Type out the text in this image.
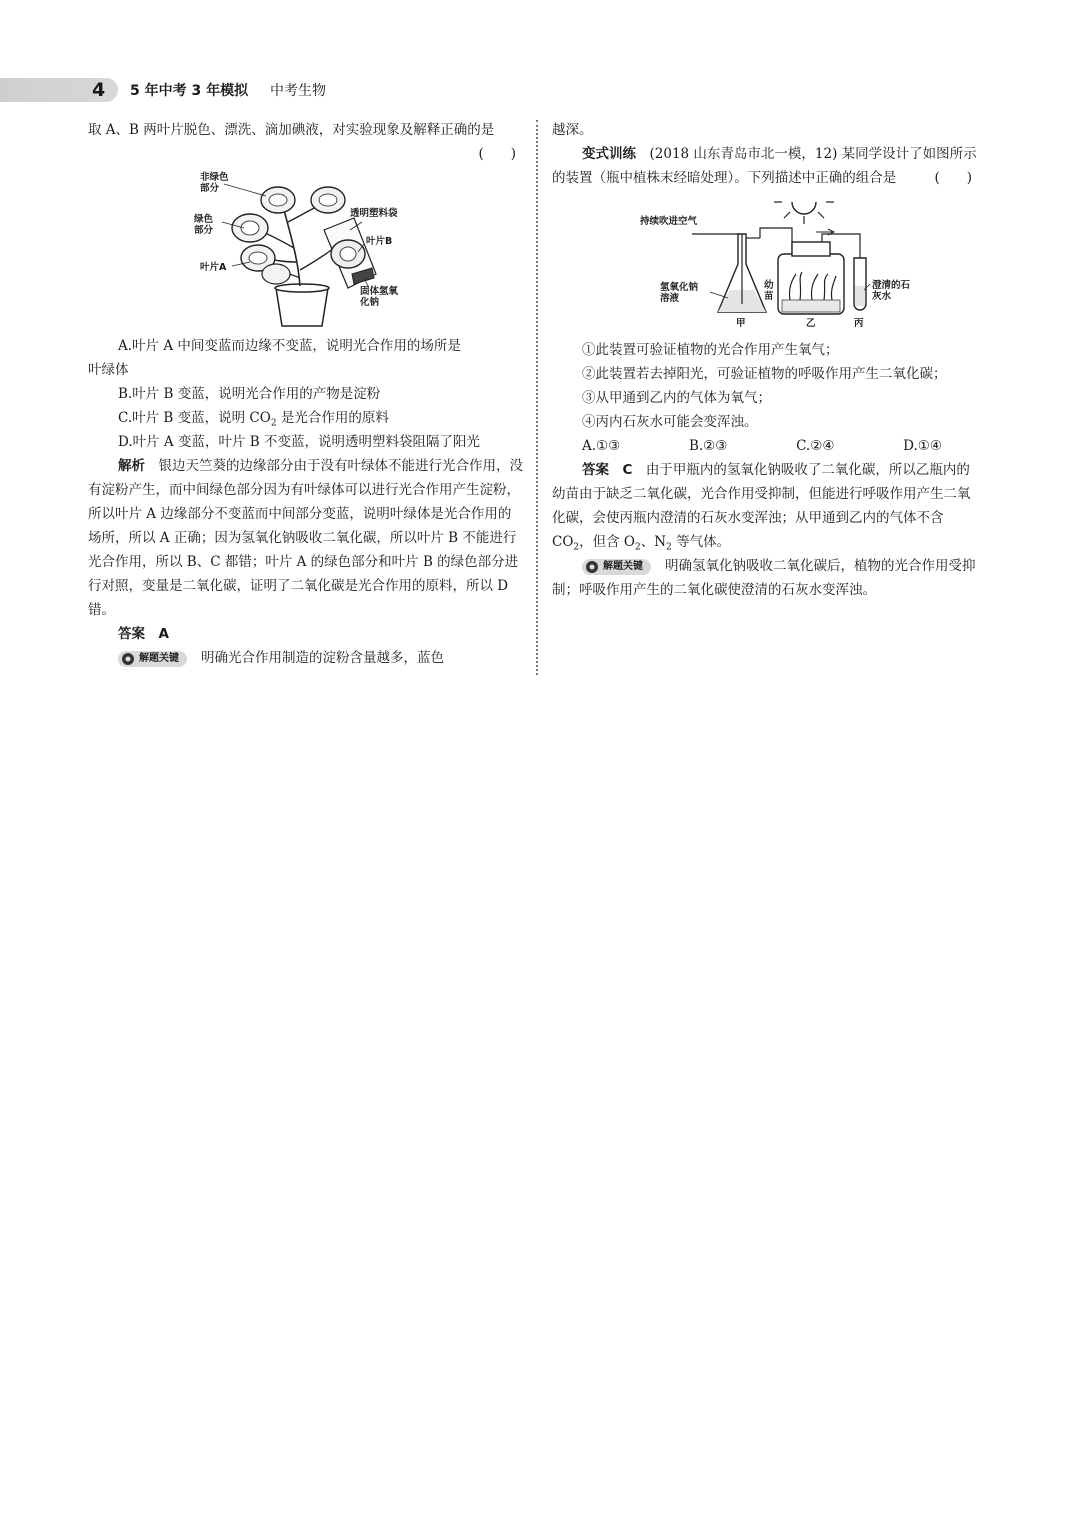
4 5 年中考 3 年模拟 中考生物

取 A、B 两叶片脱色、漂洗、滴加碘液，对实验现象及解释正确的是

(　　)

非绿色部分
绿色部分
叶片A
透明塑料袋
叶片B
固体氢氧化钠

A.叶片 A 中间变蓝而边缘不变蓝，说明光合作用的场所是

叶绿体

B.叶片 B 变蓝，说明光合作用的产物是淀粉

C.叶片 B 变蓝，说明 $CO_2$ 是光合作用的原料

D.叶片 A 变蓝，叶片 B 不变蓝，说明透明塑料袋阻隔了阳光

解析　银边天竺葵的边缘部分由于没有叶绿体不能进行光合作用，没有淀粉产生，而中间绿色部分因为有叶绿体可以进行光合作用产生淀粉，所以叶片 A 边缘部分不变蓝而中间部分变蓝，说明叶绿体是光合作用的场所，所以 A 正确；因为氢氧化钠吸收二氧化碳，所以叶片 B 不能进行光合作用，所以 B、C 都错；叶片 A 的绿色部分和叶片 B 的绿色部分进行对照，变量是二氧化碳，证明了二氧化碳是光合作用的原料，所以 D 错。

答案　 A

解题关键 明确光合作用制造的淀粉含量越多，蓝色

越深。

变式训练　(2018 山东青岛市北一模，12) 某同学设计了如图所示的装置（瓶中植株末经暗处理）。下列描述中正确的组合是	(　　)

持续吹进空气
氢氧化钠溶液
幼苗
澄清的石灰水
甲	乙	丙

①此装置可验证植物的光合作用产生氧气；

②此装置若去掉阳光，可验证植物的呼吸作用产生二氧化碳；

③从甲通到乙内的气体为氧气；

④丙内石灰水可能会变浑浊。

A.①③	B.②③	C.②④	D.①④

答案　 C　 由于甲瓶内的氢氧化钠吸收了二氧化碳，所以乙瓶内的幼苗由于缺乏二氧化碳，光合作用受抑制，但能进行呼吸作用产生二氧化碳，会使丙瓶内澄清的石灰水变浑浊；从甲通到乙内的气体不含 $CO_2$，但含 $O_2$、$N_2$ 等气体。

解题关键 明确氢氧化钠吸收二氧化碳后，植物的光合作用受抑制；呼吸作用产生的二氧化碳使澄清的石灰水变浑浊。
